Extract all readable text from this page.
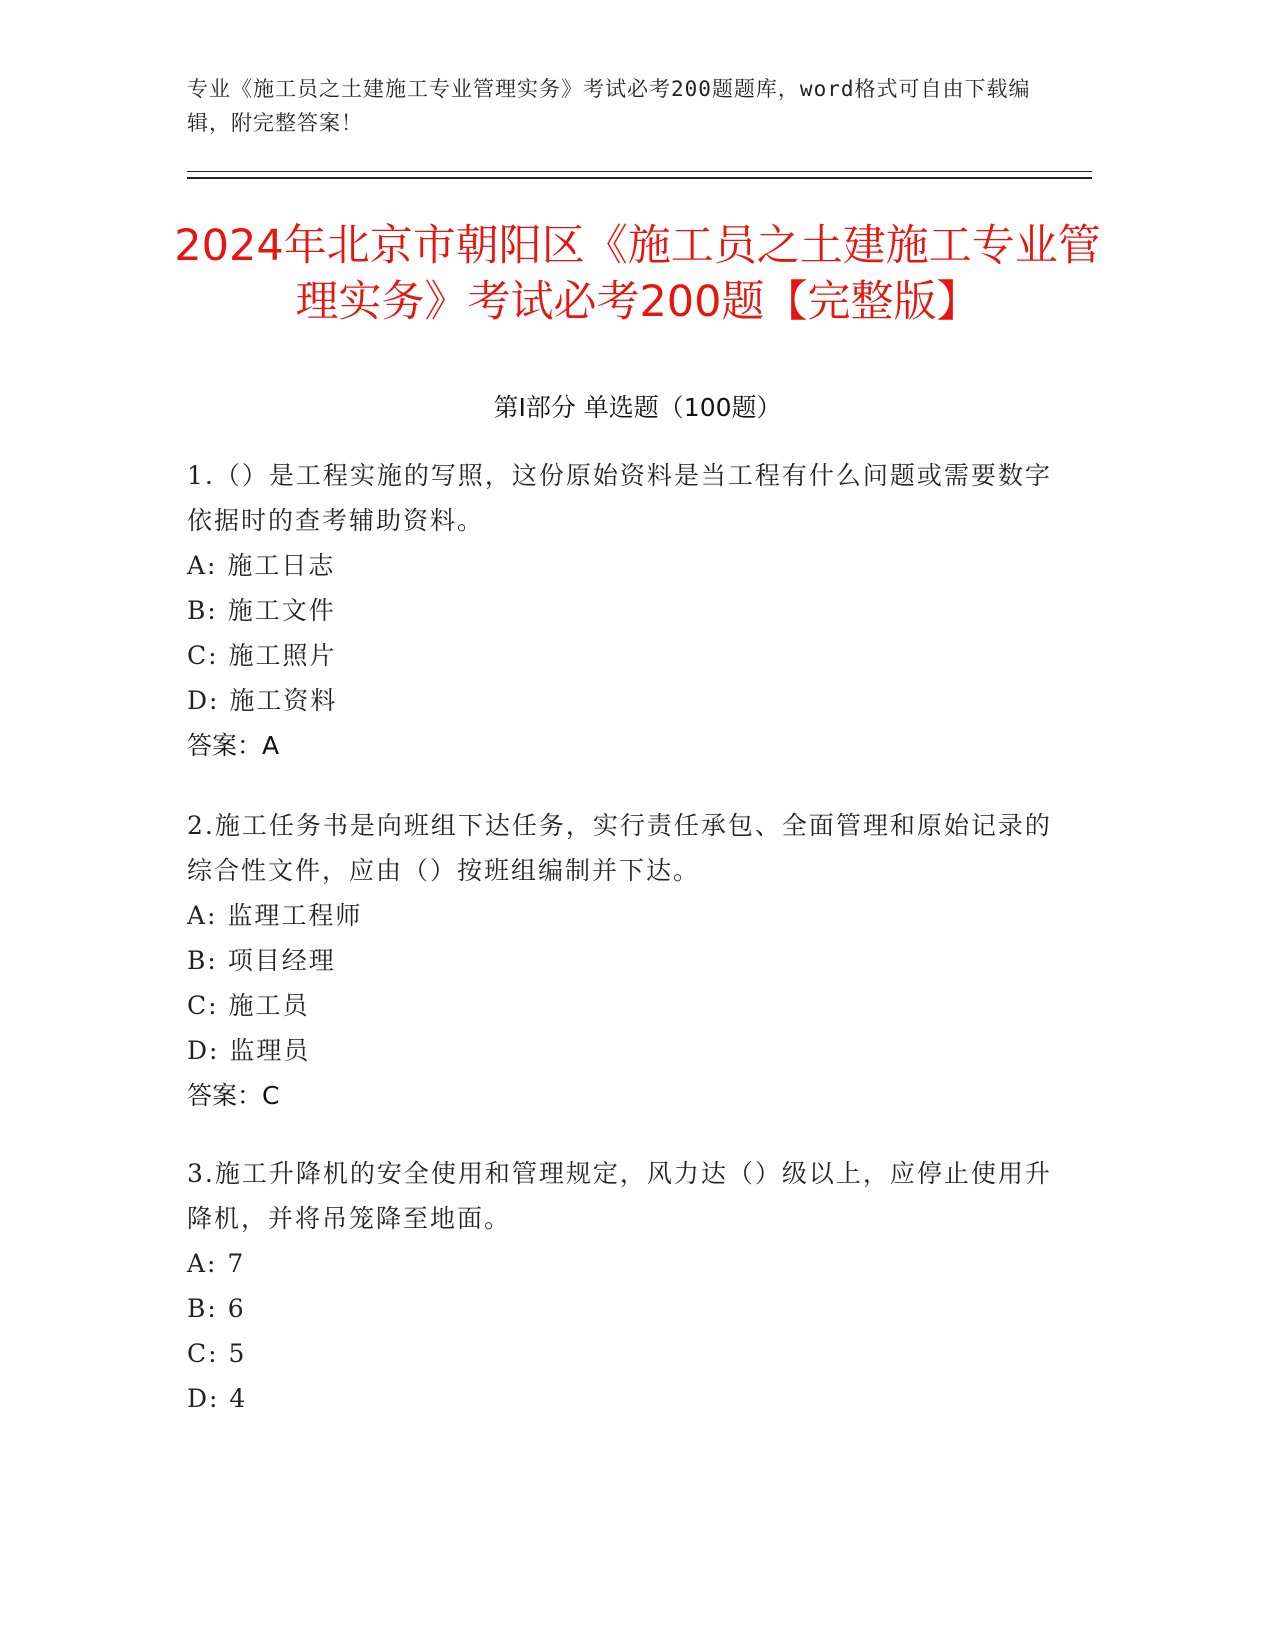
专业《施工员之土建施工专业管理实务》考试必考200题题库，word格式可自由下载编辑，附完整答案！
2024年北京市朝阳区《施工员之土建施工专业管理实务》考试必考200题【完整版】
第I部分 单选题（100题）

1.（）是工程实施的写照，这份原始资料是当工程有什么问题或需要数字依据时的查考辅助资料。

A: 施工日志

B: 施工文件

C: 施工照片

D: 施工资料

答案：A

2.施工任务书是向班组下达任务，实行责任承包、全面管理和原始记录的综合性文件，应由（）按班组编制并下达。

A: 监理工程师

B: 项目经理

C: 施工员

D: 监理员

答案：C

3.施工升降机的安全使用和管理规定，风力达（）级以上，应停止使用升降机，并将吊笼降至地面。

A: 7

B: 6

C: 5

D: 4
